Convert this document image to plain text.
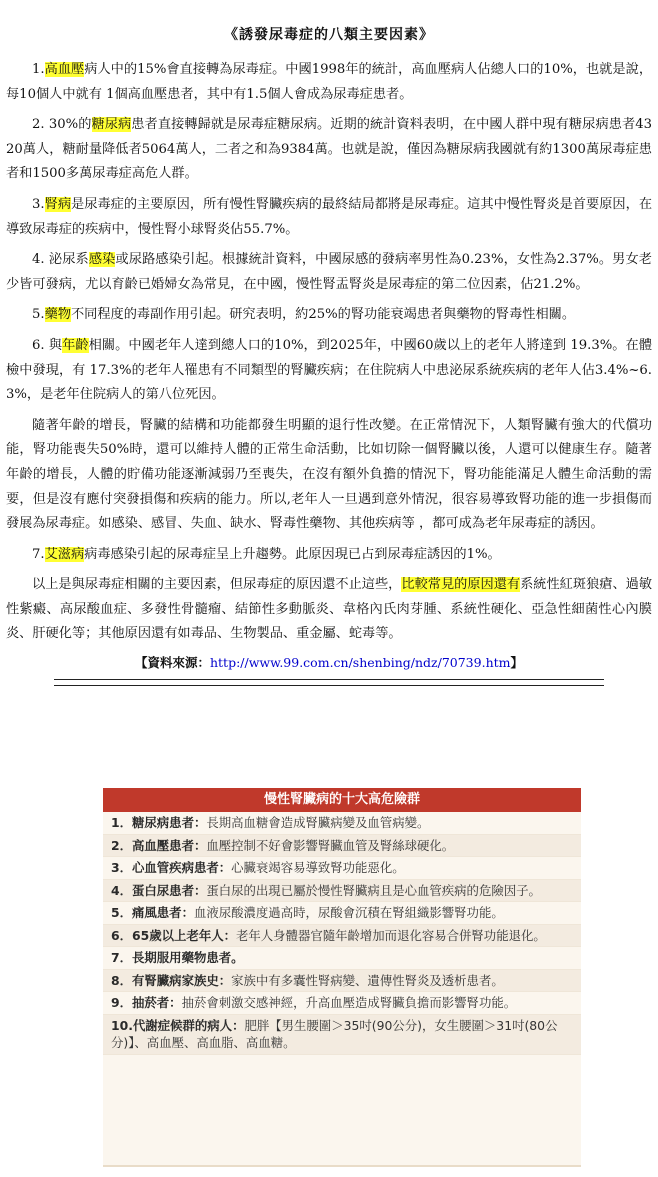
《誘發尿毒症的八類主要因素》

1.高血壓病人中的15%會直接轉為尿毒症。中國1998年的統計，高血壓病人佔總人口的10%，也就是說，每10個人中就有 1個高血壓患者，其中有1.5個人會成為尿毒症患者。

2. 30%的糖尿病患者直接轉歸就是尿毒症糖尿病。近期的統計資料表明，在中國人群中現有糖尿病患者4320萬人，糖耐量降低者5064萬人，二者之和為9384萬。也就是說，僅因為糖尿病我國就有約1300萬尿毒症患者和1500多萬尿毒症高危人群。

3.腎病是尿毒症的主要原因，所有慢性腎臟疾病的最終結局都將是尿毒症。這其中慢性腎炎是首要原因，在導致尿毒症的疾病中，慢性腎小球腎炎佔55.7%。

4. 泌尿系感染或尿路感染引起。根據統計資料，中國尿感的發病率男性為0.23%，女性為2.37%。男女老少皆可發病，尤以育齡已婚婦女為常見，在中國，慢性腎盂腎炎是尿毒症的第二位因素，佔21.2%。

5.藥物不同程度的毒副作用引起。研究表明，約25%的腎功能衰竭患者與藥物的腎毒性相關。

6. 與年齡相關。中國老年人達到總人口的10%，到2025年，中國60歲以上的老年人將達到 19.3%。在體檢中發現，有 17.3%的老年人罹患有不同類型的腎臟疾病；在住院病人中患泌尿系統疾病的老年人佔3.4%~6.3%，是老年住院病人的第八位死因。

隨著年齡的增長，腎臟的結構和功能都發生明顯的退行性改變。在正常情況下，人類腎臟有強大的代償功能，腎功能喪失50%時，還可以維持人體的正常生命活動，比如切除一個腎臟以後，人還可以健康生存。隨著年齡的增長，人體的貯備功能逐漸減弱乃至喪失，在沒有額外負擔的情況下，腎功能能滿足人體生命活動的需要，但是沒有應付突發損傷和疾病的能力。所以,老年人一旦遇到意外情況，很容易導致腎功能的進一步損傷而發展為尿毒症。如感染、感冒、失血、缺水、腎毒性藥物、其他疾病等 ，都可成為老年尿毒症的誘因。

7.艾滋病病毒感染引起的尿毒症呈上升趨勢。此原因現已占到尿毒症誘因的1%。

以上是與尿毒症相關的主要因素，但尿毒症的原因還不止這些，比較常見的原因還有系統性紅斑狼瘡、過敏性紫癜、高尿酸血症、多發性骨髓瘤、結節性多動脈炎、韋格內氏肉芽腫、系統性硬化、亞急性細菌性心內膜炎、肝硬化等；其他原因還有如毒品、生物製品、重金屬、蛇毒等。

【資料來源：http://www.99.com.cn/shenbing/ndz/70739.htm】
慢性腎臟病的十大高危險群
1．糖尿病患者：長期高血糖會造成腎臟病變及血管病變。
2．高血壓患者：血壓控制不好會影響腎臟血管及腎絲球硬化。
3．心血管疾病患者：心臟衰竭容易導致腎功能惡化。
4．蛋白尿患者：蛋白尿的出現已屬於慢性腎臟病且是心血管疾病的危險因子。
5．痛風患者：血液尿酸濃度過高時，尿酸會沉積在腎組織影響腎功能。
6．65歲以上老年人：老年人身體器官隨年齡增加而退化容易合併腎功能退化。
7．長期服用藥物患者。
8．有腎臟病家族史：家族中有多囊性腎病變、遺傳性腎炎及透析患者。
9．抽菸者：抽菸會刺激交感神經，升高血壓造成腎臟負擔而影響腎功能。
10.代謝症候群的病人：肥胖【男生腰圍＞35吋(90公分)，女生腰圍＞31吋(80公分)】、高血壓、高血脂、高血糖。
